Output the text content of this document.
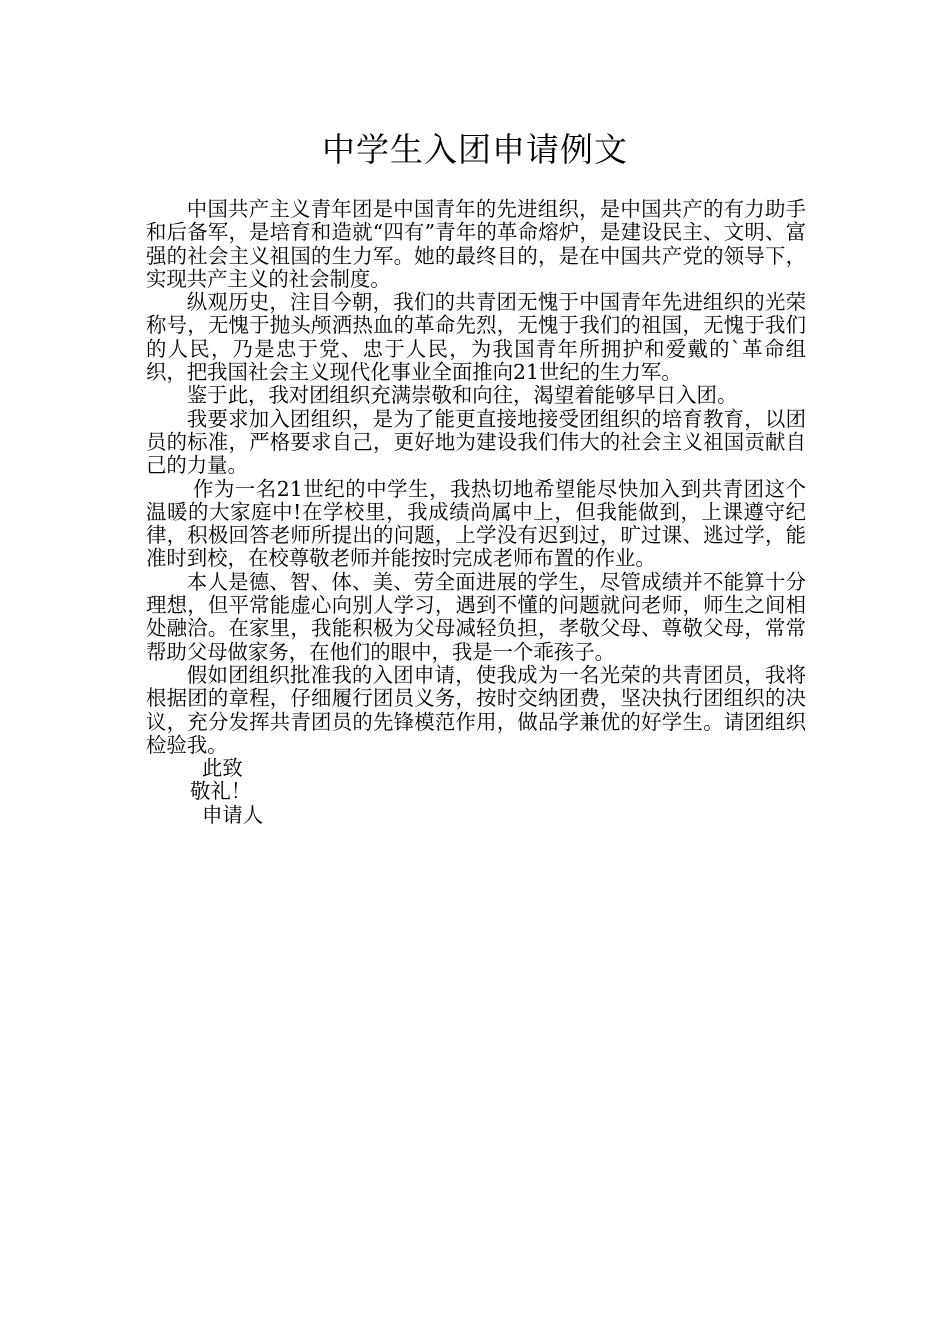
中学生入团申请例文

中国共产主义青年团是中国青年的先进组织，是中国共产的有力助手和后备军，是培育和造就“四有”青年的革命熔炉，是建设民主、文明、富强的社会主义祖国的生力军。她的最终目的，是在中国共产党的领导下，实现共产主义的社会制度。

纵观历史，注目今朝，我们的共青团无愧于中国青年先进组织的光荣称号，无愧于抛头颅洒热血的革命先烈，无愧于我们的祖国，无愧于我们的人民，乃是忠于党、忠于人民，为我国青年所拥护和爱戴的`革命组织，把我国社会主义现代化事业全面推向21世纪的生力军。

鉴于此，我对团组织充满崇敬和向往，渴望着能够早日入团。

我要求加入团组织，是为了能更直接地接受团组织的培育教育，以团员的标准，严格要求自己，更好地为建设我们伟大的社会主义祖国贡献自己的力量。

作为一名21世纪的中学生，我热切地希望能尽快加入到共青团这个温暖的大家庭中!在学校里，我成绩尚属中上，但我能做到，上课遵守纪律，积极回答老师所提出的问题，上学没有迟到过，旷过课、逃过学，能准时到校，在校尊敬老师并能按时完成老师布置的作业。

本人是德、智、体、美、劳全面进展的学生，尽管成绩并不能算十分理想，但平常能虚心向别人学习，遇到不懂的问题就问老师，师生之间相处融洽。在家里，我能积极为父母减轻负担，孝敬父母、尊敬父母，常常帮助父母做家务，在他们的眼中，我是一个乖孩子。

假如团组织批准我的入团申请，使我成为一名光荣的共青团员，我将根据团的章程，仔细履行团员义务，按时交纳团费，坚决执行团组织的决议，充分发挥共青团员的先锋模范作用，做品学兼优的好学生。请团组织检验我。

此致

敬礼！

申请人
